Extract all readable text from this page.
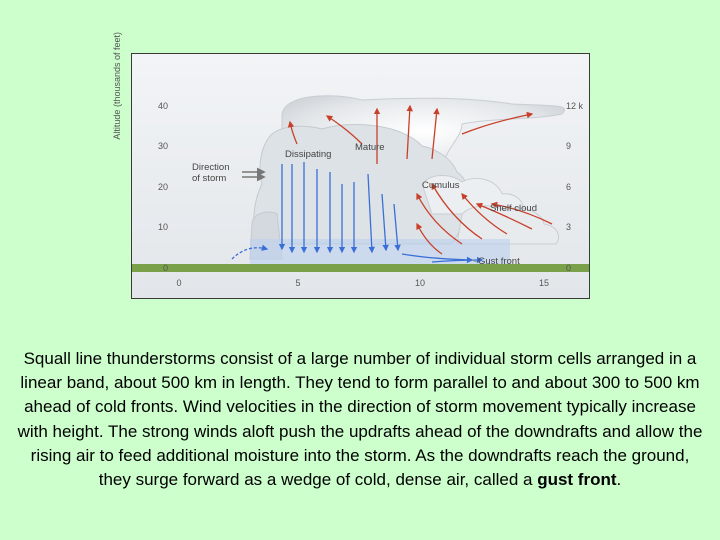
Altitude (thousands of feet)	40
30
20
10
0
12 k
9
6
3
0
0	5	10	15
Dissipating
Mature
Direction
of storm
Cumulus
Shelf cloud
Gust front

Squall line thunderstorms consist of a large number of individual storm cells arranged in a linear band, about 500 km in length. They tend to form parallel to and about 300 to 500 km ahead of cold fronts. Wind velocities in the direction of storm movement typically increase with height. The strong winds aloft push the updrafts ahead of the downdrafts and allow the rising air to feed additional moisture into the storm. As the downdrafts reach the ground, they surge forward as a wedge of cold, dense air, called a gust front.
